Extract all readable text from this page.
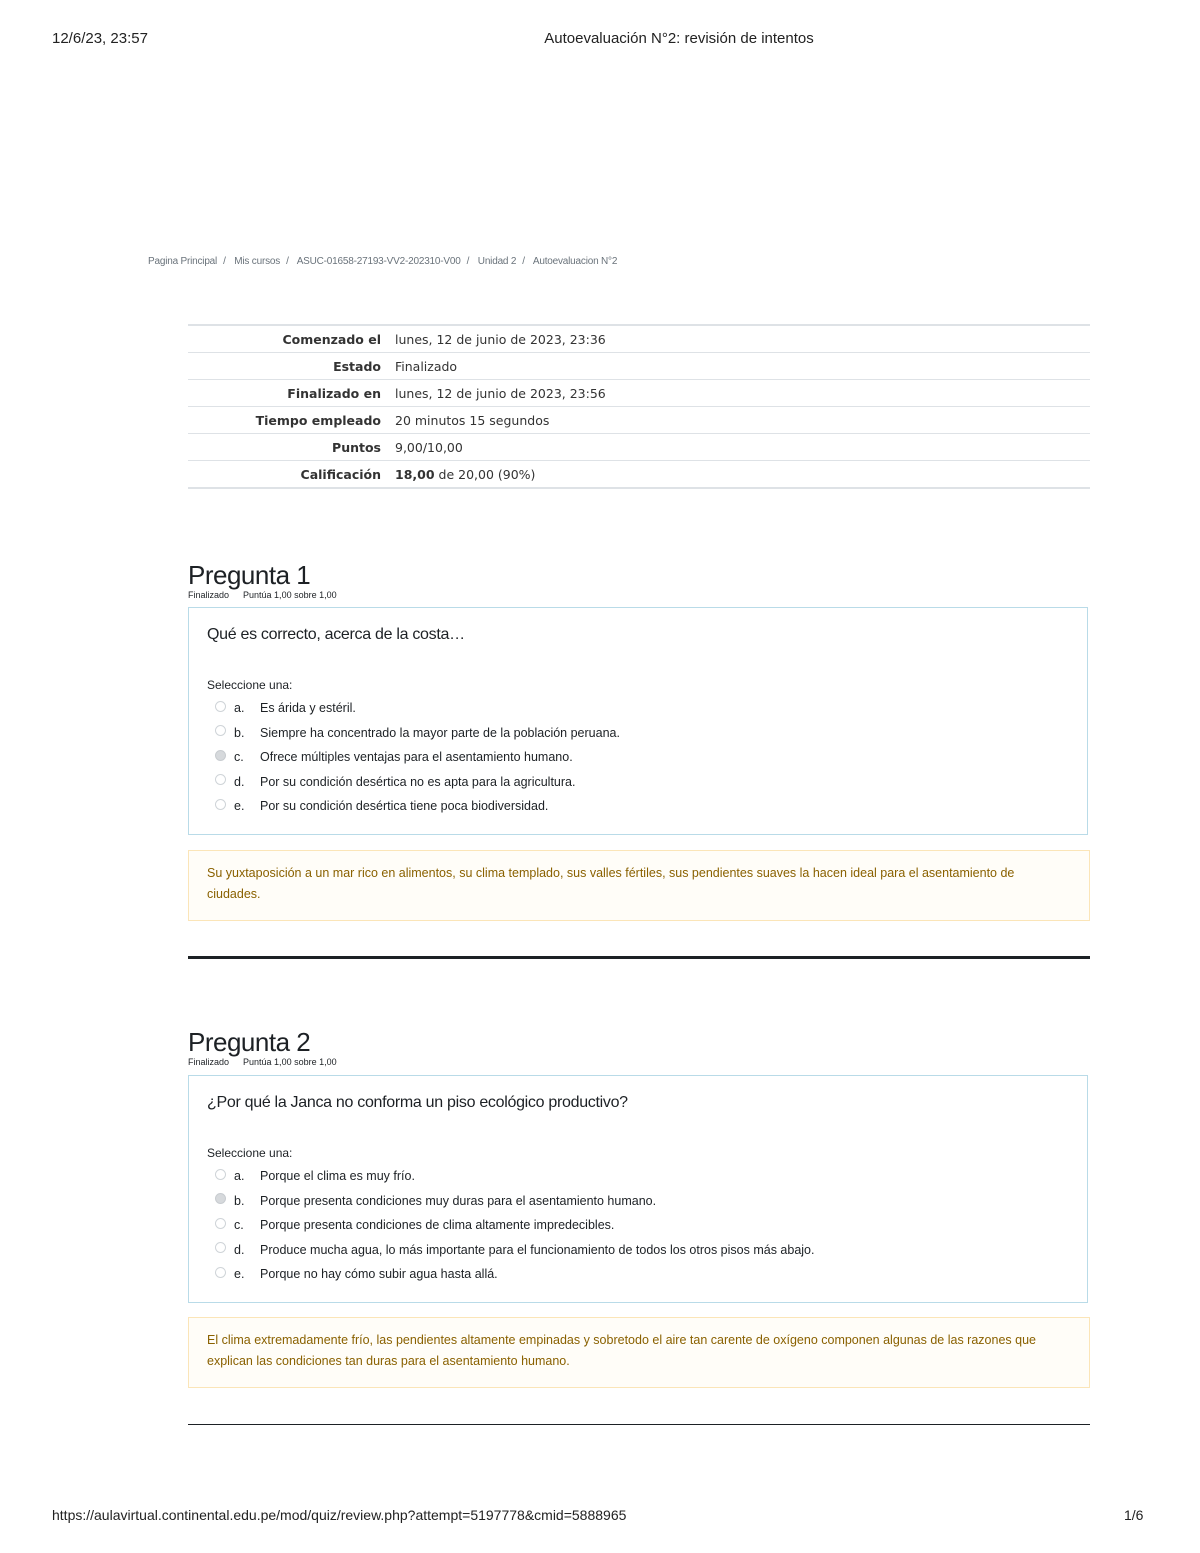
12/6/23, 23:57	Autoevaluación N°2: revisión de intentos
Pagina Principal / Mis cursos / ASUC-01658-27193-VV2-202310-V00 / Unidad 2 / Autoevaluacion N°2
Comenzado el	lunes, 12 de junio de 2023, 23:36
Estado	Finalizado
Finalizado en	lunes, 12 de junio de 2023, 23:56
Tiempo empleado	20 minutos 15 segundos
Puntos	9,00/10,00
Calificación	18,00 de 20,00 (90%)
Pregunta 1
Finalizado Puntúa 1,00 sobre 1,00
Qué es correcto, acerca de la costa…
Seleccione una:
a.	Es árida y estéril.
b.	Siempre ha concentrado la mayor parte de la población peruana.
c.	Ofrece múltiples ventajas para el asentamiento humano.
d.	Por su condición desértica no es apta para la agricultura.
e.	Por su condición desértica tiene poca biodiversidad.
Su yuxtaposición a un mar rico en alimentos, su clima templado, sus valles fértiles, sus pendientes suaves la hacen ideal para el asentamiento de ciudades.
Pregunta 2
Finalizado Puntúa 1,00 sobre 1,00
¿Por qué la Janca no conforma un piso ecológico productivo?
Seleccione una:
a.	Porque el clima es muy frío.
b.	Porque presenta condiciones muy duras para el asentamiento humano.
c.	Porque presenta condiciones de clima altamente impredecibles.
d.	Produce mucha agua, lo más importante para el funcionamiento de todos los otros pisos más abajo.
e.	Porque no hay cómo subir agua hasta allá.
El clima extremadamente frío, las pendientes altamente empinadas y sobretodo el aire tan carente de oxígeno componen algunas de las razones que explican las condiciones tan duras para el asentamiento humano.
https://aulavirtual.continental.edu.pe/mod/quiz/review.php?attempt=5197778&cmid=5888965	1/6
